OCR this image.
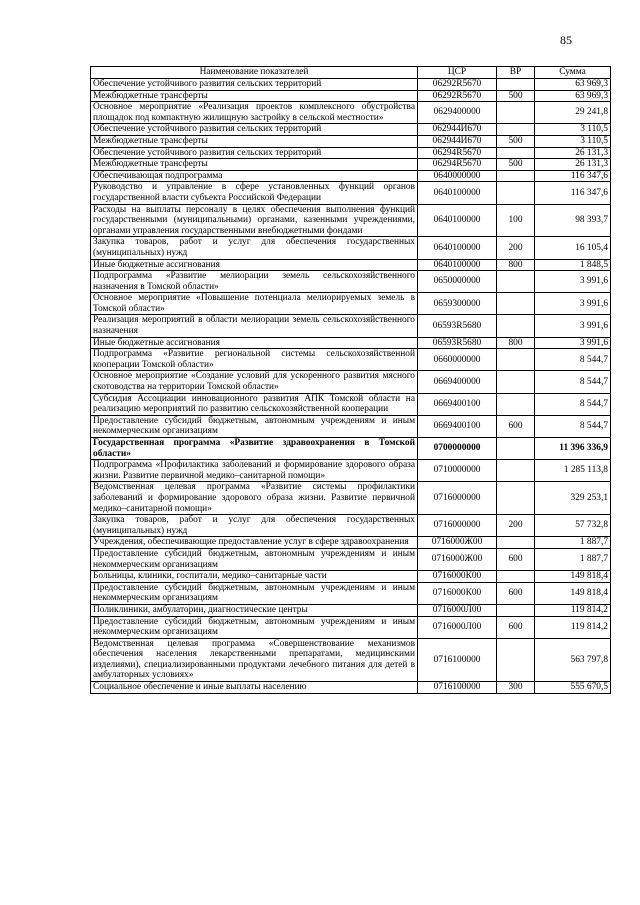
85
Наименование показателей	ЦСР	ВР	Сумма
Обеспечение устойчивого развития сельских территорий	06292R5670		63 969,3
Межбюджетные трансферты	06292R5670	500	63 969,3
Основное мероприятие «Реализация проектов комплексного обустройства площадок под компактную жилищную застройку в сельской местности»	0629400000		29 241,8
Обеспечение устойчивого развития сельских территорий	062944И670		3 110,5
Межбюджетные трансферты	062944И670	500	3 110,5
Обеспечение устойчивого развития сельских территорий	06294R5670		26 131,3
Межбюджетные трансферты	06294R5670	500	26 131,3
Обеспечивающая подпрограмма	0640000000		116 347,6
Руководство и управление в сфере установленных функций органов государственной власти субъекта Российской Федерации	0640100000		116 347,6
Расходы на выплаты персоналу в целях обеспечения выполнения функций государственными (муниципальными) органами, казенными учреждениями, органами управления государственными внебюджетными фондами	0640100000	100	98 393,7
Закупка товаров, работ и услуг для обеспечения государственных (муниципальных) нужд	0640100000	200	16 105,4
Иные бюджетные ассигнования	0640100000	800	1 848,5
Подпрограмма «Развитие мелиорации земель сельскохозяйственного назначения в Томской области»	0650000000		3 991,6
Основное мероприятие «Повышение потенциала мелиорируемых земель в Томской области»	0659300000		3 991,6
Реализация мероприятий в области мелиорации земель сельскохозяйственного назначения	06593R5680		3 991,6
Иные бюджетные ассигнования	06593R5680	800	3 991,6
Подпрограмма «Развитие региональной системы сельскохозяйственной кооперации Томской области»	0660000000		8 544,7
Основное мероприятие «Создание условий для ускоренного развития мясного скотоводства на территории Томской области»	0669400000		8 544,7
Субсидия Ассоциации инновационного развития АПК Томской области на реализацию мероприятий по развитию сельскохозяйственной кооперации	0669400100		8 544,7
Предоставление субсидий бюджетным, автономным учреждениям и иным некоммерческим организациям	0669400100	600	8 544,7
Государственная программа «Развитие здравоохранения в Томской области»	0700000000		11 396 336,9
Подпрограмма «Профилактика заболеваний и формирование здорового образа жизни. Развитие первичной медико–санитарной помощи»	0710000000		1 285 113,8
Ведомственная целевая программа «Развитие системы профилактики заболеваний и формирование здорового образа жизни. Развитие первичной медико–санитарной помощи»	0716000000		329 253,1
Закупка товаров, работ и услуг для обеспечения государственных (муниципальных) нужд	0716000000	200	57 732,8
Учреждения, обеспечивающие предоставление услуг в сфере здравоохранения	0716000Ж00		1 887,7
Предоставление субсидий бюджетным, автономным учреждениям и иным некоммерческим организациям	0716000Ж00	600	1 887,7
Больницы, клиники, госпитали, медико–санитарные части	0716000К00		149 818,4
Предоставление субсидий бюджетным, автономным учреждениям и иным некоммерческим организациям	0716000К00	600	149 818,4
Поликлиники, амбулатории, диагностические центры	0716000Л00		119 814,2
Предоставление субсидий бюджетным, автономным учреждениям и иным некоммерческим организациям	0716000Л00	600	119 814,2
Ведомственная целевая программа «Совершенствование механизмов обеспечения населения лекарственными препаратами, медицинскими изделиями), специализированными продуктами лечебного питания для детей в амбулаторных условиях»	0716100000		563 797,8
Социальное обеспечение и иные выплаты населению	0716100000	300	555 670,5
